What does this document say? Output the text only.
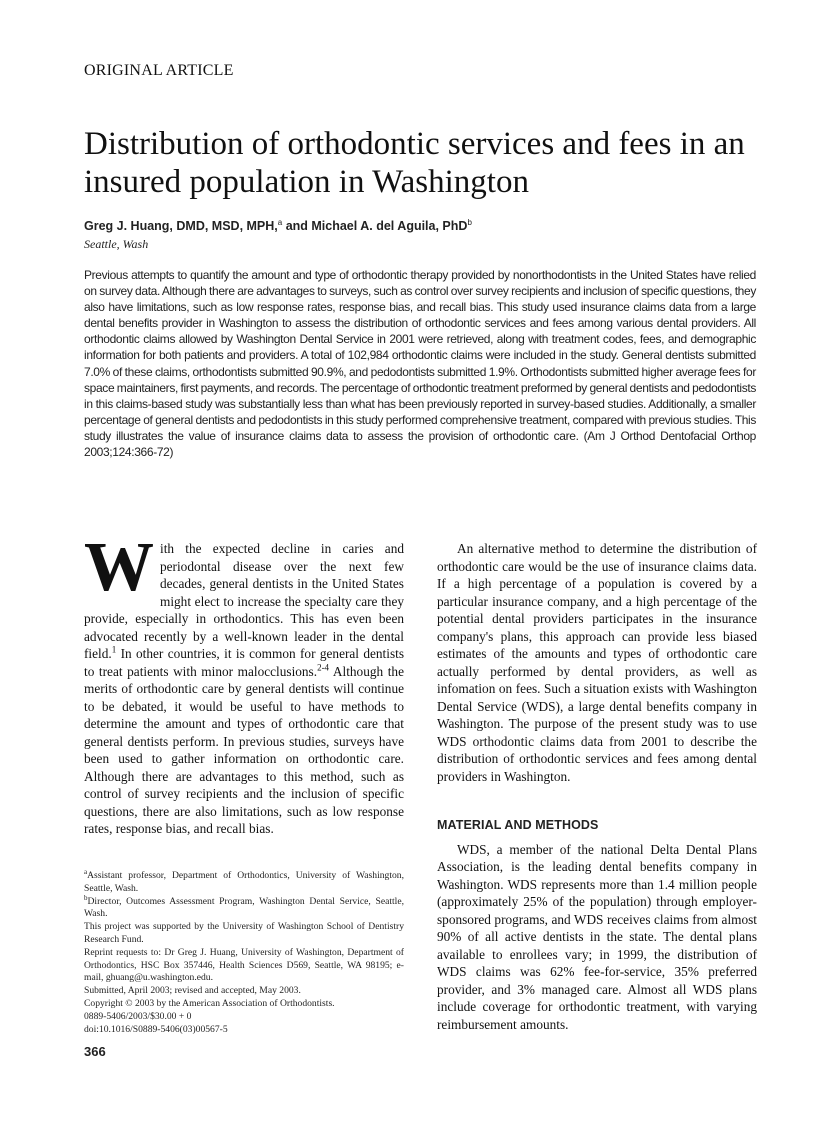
ORIGINAL ARTICLE
Distribution of orthodontic services and fees in an insured population in Washington
Greg J. Huang, DMD, MSD, MPH,$^a$ and Michael A. del Aguila, PhD$^b$
Seattle, Wash
Previous attempts to quantify the amount and type of orthodontic therapy provided by nonorthodontists in the United States have relied on survey data. Although there are advantages to surveys, such as control over survey recipients and inclusion of specific questions, they also have limitations, such as low response rates, response bias, and recall bias. This study used insurance claims data from a large dental benefits provider in Washington to assess the distribution of orthodontic services and fees among various dental providers. All orthodontic claims allowed by Washington Dental Service in 2001 were retrieved, along with treatment codes, fees, and demographic information for both patients and providers. A total of 102,984 orthodontic claims were included in the study. General dentists submitted 7.0% of these claims, orthodontists submitted 90.9%, and pedodontists submitted 1.9%. Orthodontists submitted higher average fees for space maintainers, first payments, and records. The percentage of orthodontic treatment preformed by general dentists and pedodontists in this claims-based study was substantially less than what has been previously reported in survey-based studies. Additionally, a smaller percentage of general dentists and pedodontists in this study performed comprehensive treatment, compared with previous studies. This study illustrates the value of insurance claims data to assess the provision of orthodontic care. (Am J Orthod Dentofacial Orthop 2003;124:366-72)

With the expected decline in caries and periodontal disease over the next few decades, general dentists in the United States might elect to increase the specialty care they provide, especially in orthodontics. This has even been advocated recently by a well-known leader in the dental field.$^1$ In other countries, it is common for general dentists to treat patients with minor malocclusions.$^{2-4}$ Although the merits of orthodontic care by general dentists will continue to be debated, it would be useful to have methods to determine the amount and types of orthodontic care that general dentists perform. In previous studies, surveys have been used to gather information on orthodontic care. Although there are advantages to this method, such as control of survey recipients and the inclusion of specific questions, there are also limitations, such as low response rates, response bias, and recall bias.

An alternative method to determine the distribution of orthodontic care would be the use of insurance claims data. If a high percentage of a population is covered by a particular insurance company, and a high percentage of the potential dental providers participates in the insurance company's plans, this approach can provide less biased estimates of the amounts and types of orthodontic care actually performed by dental providers, as well as infomation on fees. Such a situation exists with Washington Dental Service (WDS), a large dental benefits company in Washington. The purpose of the present study was to use WDS orthodontic claims data from 2001 to describe the distribution of orthodontic services and fees among dental providers in Washington.

MATERIAL AND METHODS

WDS, a member of the national Delta Dental Plans Association, is the leading dental benefits company in Washington. WDS represents more than 1.4 million people (approximately 25% of the population) through employer-sponsored programs, and WDS receives claims from almost 90% of all active dentists in the state. The dental plans available to enrollees vary; in 1999, the distribution of WDS claims was 62% fee-for-service, 35% preferred provider, and 3% managed care. Almost all WDS plans include coverage for orthodontic treatment, with varying reimbursement amounts.

$^a$Assistant professor, Department of Orthodontics, University of Washington, Seattle, Wash.

$^b$Director, Outcomes Assessment Program, Washington Dental Service, Seattle, Wash.

This project was supported by the University of Washington School of Dentistry Research Fund.

Reprint requests to: Dr Greg J. Huang, University of Washington, Department of Orthodontics, HSC Box 357446, Health Sciences D569, Seattle, WA 98195; e-mail, ghuang@u.washington.edu.

Submitted, April 2003; revised and accepted, May 2003.

Copyright © 2003 by the American Association of Orthodontists.

0889-5406/2003/$30.00 + 0

doi:10.1016/S0889-5406(03)00567-5

366
